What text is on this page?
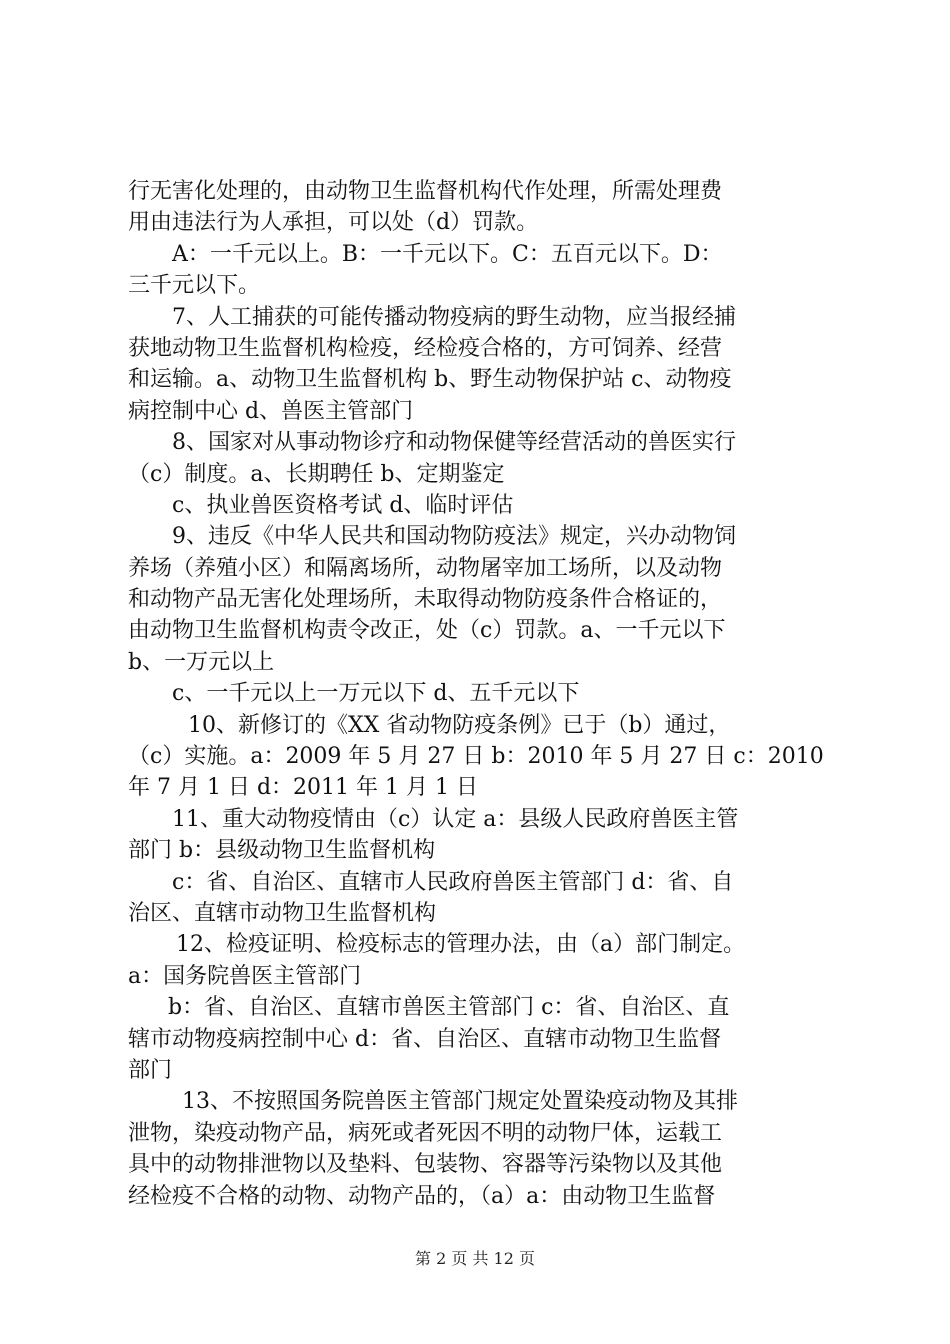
行无害化处理的，由动物卫生监督机构代作处理，所需处理费
用由违法行为人承担，可以处（d）罚款。
A：一千元以上。B：一千元以下。C：五百元以下。D：
三千元以下。
7、人工捕获的可能传播动物疫病的野生动物，应当报经捕
获地动物卫生监督机构检疫，经检疫合格的，方可饲养、经营
和运输。a、动物卫生监督机构 b、野生动物保护站 c、动物疫
病控制中心 d、兽医主管部门
8、国家对从事动物诊疗和动物保健等经营活动的兽医实行
（c）制度。a、长期聘任 b、定期鉴定
c、执业兽医资格考试 d、临时评估
9、违反《中华人民共和国动物防疫法》规定，兴办动物饲
养场（养殖小区）和隔离场所，动物屠宰加工场所，以及动物
和动物产品无害化处理场所，未取得动物防疫条件合格证的，
由动物卫生监督机构责令改正，处（c）罚款。a、一千元以下
b、一万元以上
c、一千元以上一万元以下 d、五千元以下
10、新修订的《XX 省动物防疫条例》已于（b）通过，
（c）实施。a：2009 年 5 月 27 日 b：2010 年 5 月 27 日 c：2010
年 7 月 1 日 d：2011 年 1 月 1 日
11、重大动物疫情由（c）认定 a：县级人民政府兽医主管
部门 b：县级动物卫生监督机构
c：省、自治区、直辖市人民政府兽医主管部门 d：省、自
治区、直辖市动物卫生监督机构
12、检疫证明、检疫标志的管理办法，由（a）部门制定。
a：国务院兽医主管部门
b：省、自治区、直辖市兽医主管部门 c：省、自治区、直
辖市动物疫病控制中心 d：省、自治区、直辖市动物卫生监督
部门
13、不按照国务院兽医主管部门规定处置染疫动物及其排
泄物，染疫动物产品，病死或者死因不明的动物尸体，运载工
具中的动物排泄物以及垫料、包装物、容器等污染物以及其他
经检疫不合格的动物、动物产品的，（a）a：由动物卫生监督
第 2 页 共 12 页
